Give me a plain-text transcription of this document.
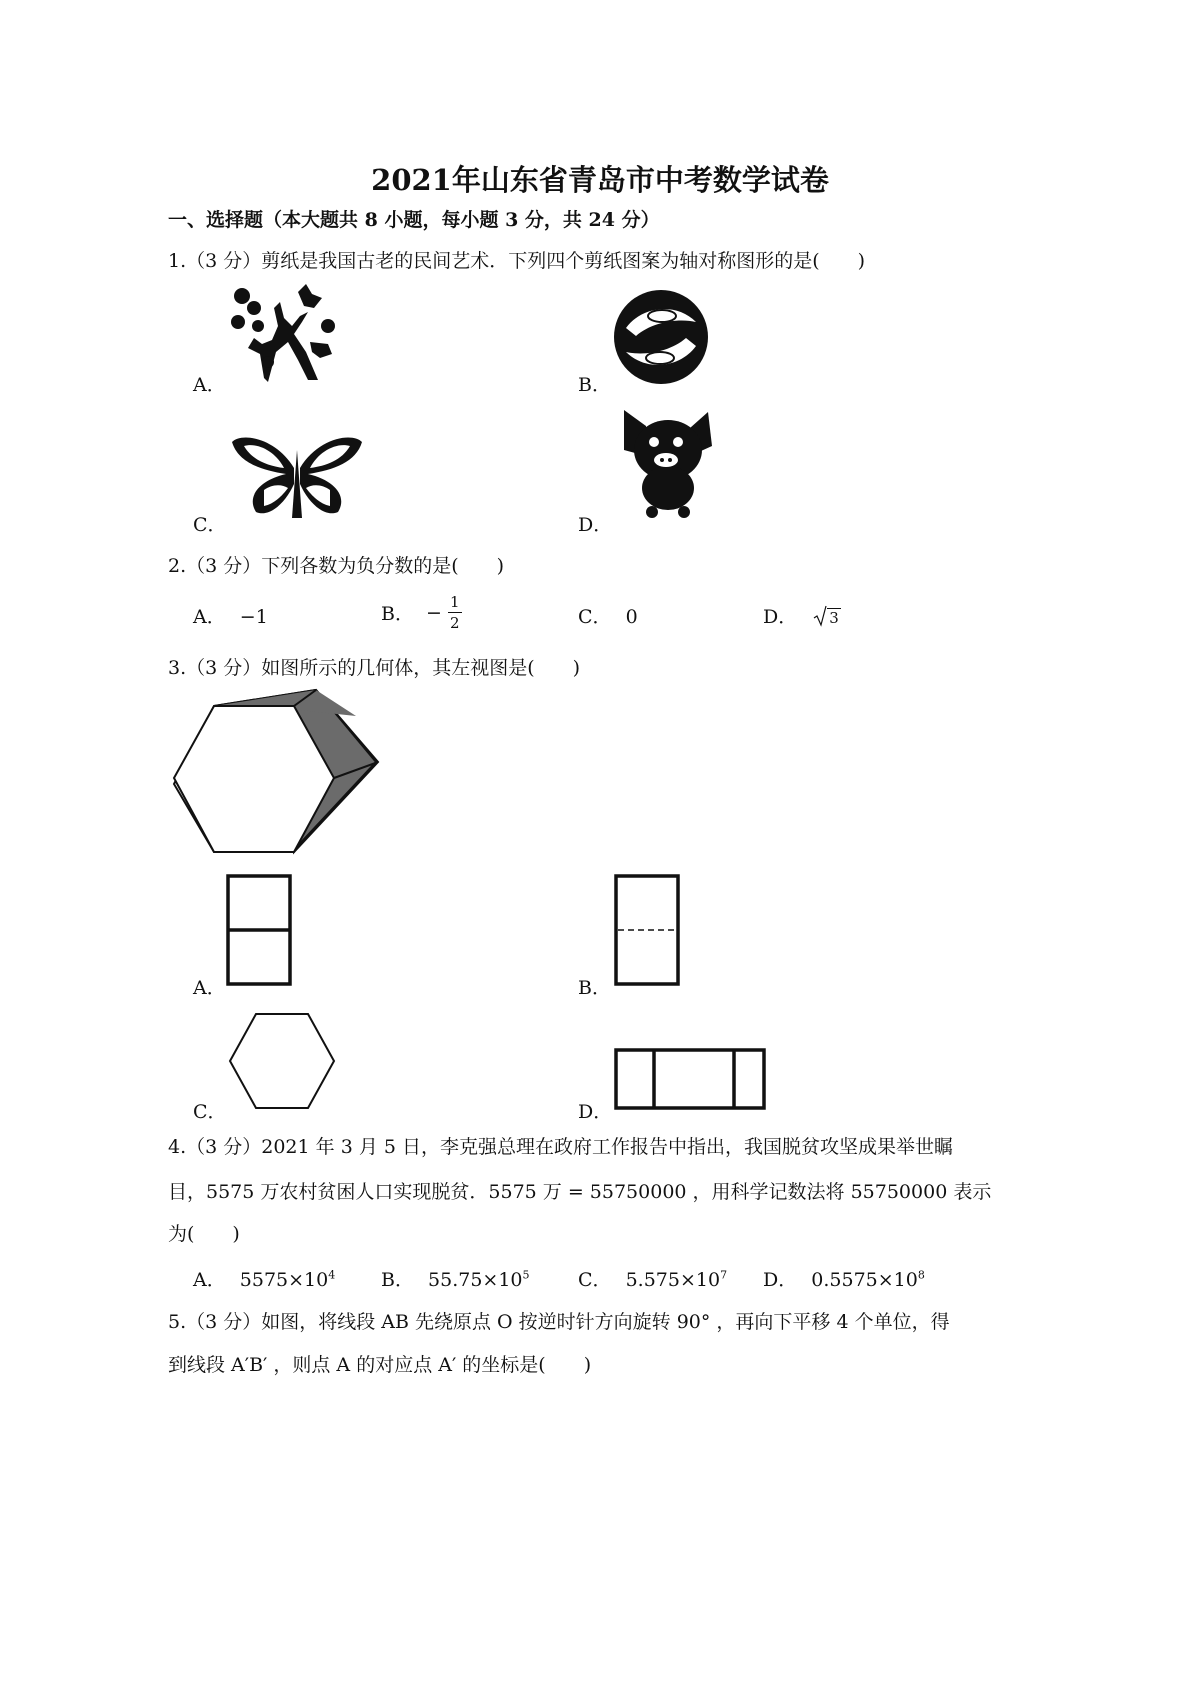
2021年山东省青岛市中考数学试卷
一、选择题（本大题共 8 小题，每小题 3 分，共 24 分）
1.（3 分）剪纸是我国古老的民间艺术．下列四个剪纸图案为轴对称图形的是(　　)
A．	B．
C．	D．
2.（3 分）下列各数为负分数的是(　　)
A． −1	B． − $\frac{1}{2}$	C． 0	D． 3
3.（3 分）如图所示的几何体，其左视图是(　　)
A．	B．
C．	D．
4.（3 分）2021 年 3 月 5 日，李克强总理在政府工作报告中指出，我国脱贫攻坚成果举世瞩
目，5575 万农村贫困人口实现脱贫．5575 万 = 55750000 ，用科学记数法将 55750000 表示
为(　　)
A． $5575\times 10^4$ B． $55.75\times 10^5$	C． $5.575\times 10^7$ D． $0.5575\times 10^8$
5.（3 分）如图，将线段 AB 先绕原点 O 按逆时针方向旋转 90° ，再向下平移 4 个单位，得
到线段 A′B′ ，则点 A 的对应点 A′ 的坐标是(　　)
